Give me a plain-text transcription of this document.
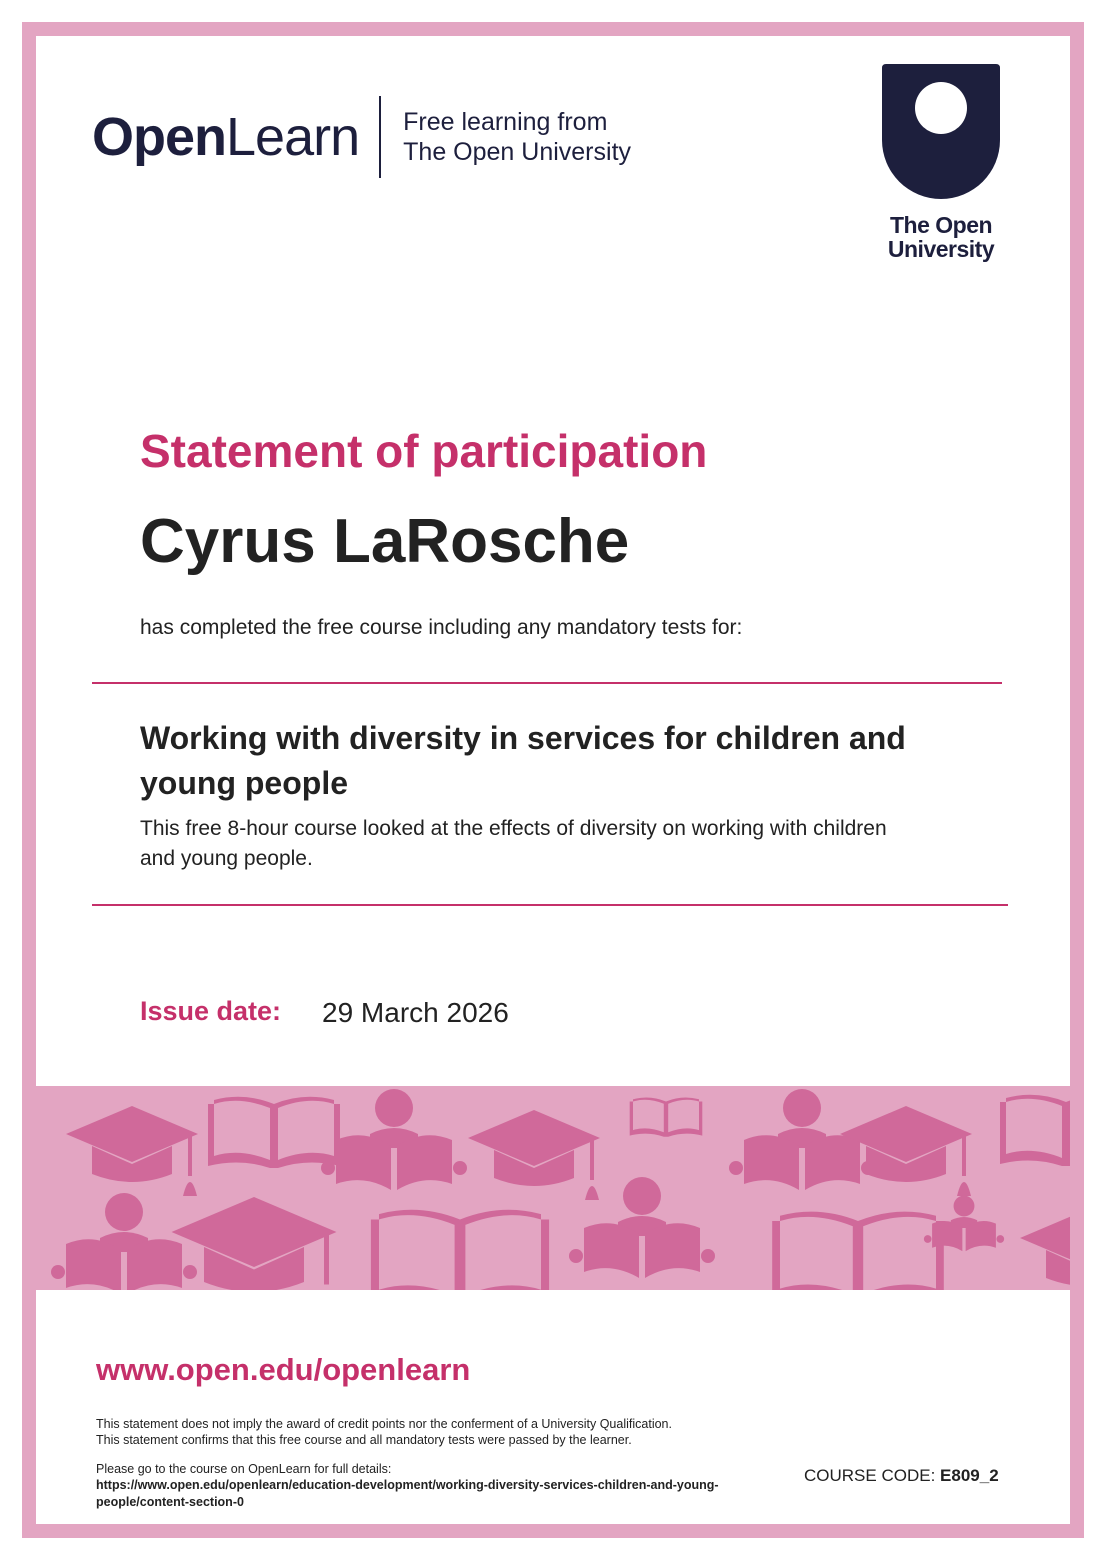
OpenLearn Free learning from
The Open University
The Open
University
Statement of participation
Cyrus LaRosche
has completed the free course including any mandatory tests for:
Working with diversity in services for children and young people
This free 8-hour course looked at the effects of diversity on working with children and young people.
Issue date: 29 March 2026
www.open.edu/openlearn
This statement does not imply the award of credit points nor the conferment of a University Qualification.
This statement confirms that this free course and all mandatory tests were passed by the learner.
Please go to the course on OpenLearn for full details:
https://www.open.edu/openlearn/education-development/working-diversity-services-children-and-young-people/content-section-0
COURSE CODE: E809_2
